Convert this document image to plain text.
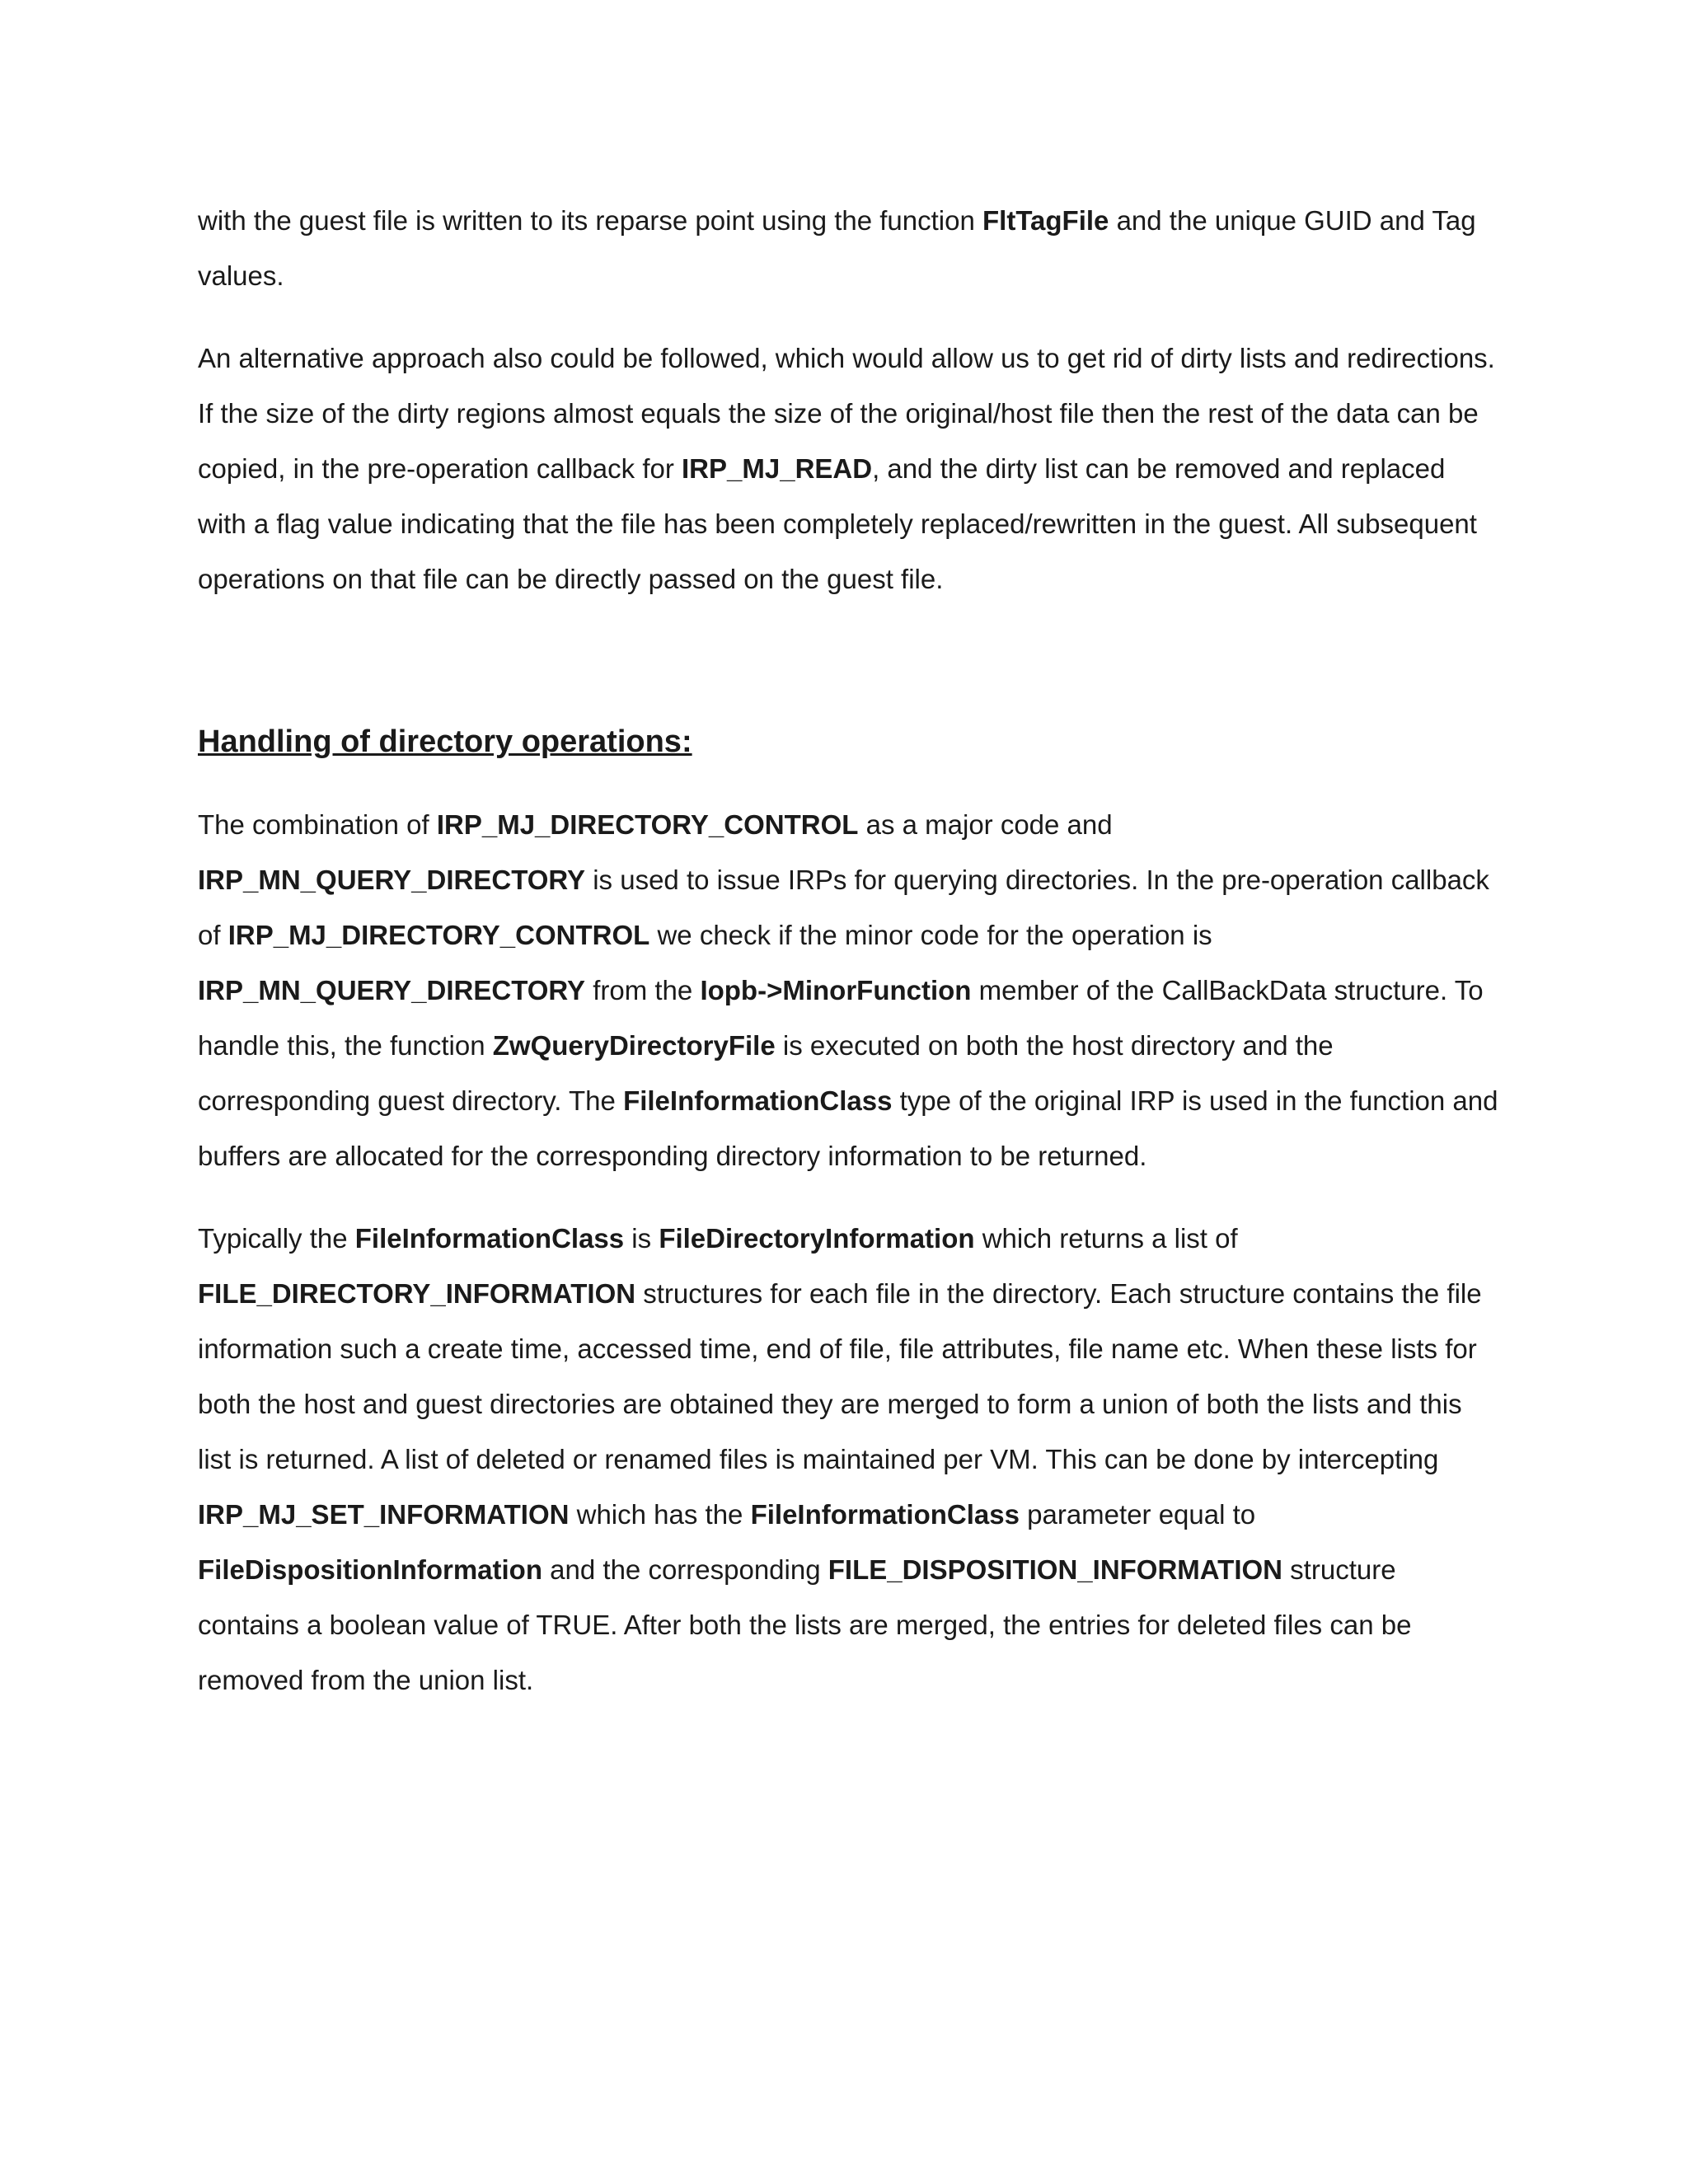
with the guest file is written to its reparse point using the function FltTagFile and the unique GUID and Tag values.

An alternative approach also could be followed, which would allow us to get rid of dirty lists and redirections. If the size of the dirty regions almost equals the size of the original/host file then the rest of the data can be copied, in the pre-operation callback for IRP_MJ_READ, and the dirty list can be removed and replaced with a flag value indicating that the file has been completely replaced/rewritten in the guest. All subsequent operations on that file can be directly passed on the guest file.

Handling of directory operations:

The combination of IRP_MJ_DIRECTORY_CONTROL as a major code and IRP_MN_QUERY_DIRECTORY is used to issue IRPs for querying directories. In the pre-operation callback of IRP_MJ_DIRECTORY_CONTROL we check if the minor code for the operation is IRP_MN_QUERY_DIRECTORY from the Iopb->MinorFunction member of the CallBackData structure. To handle this, the function ZwQueryDirectoryFile is executed on both the host directory and the corresponding guest directory. The FileInformationClass type of the original IRP is used in the function and buffers are allocated for the corresponding directory information to be returned.

Typically the FileInformationClass is FileDirectoryInformation which returns a list of FILE_DIRECTORY_INFORMATION structures for each file in the directory. Each structure contains the file information such a create time, accessed time, end of file, file attributes, file name etc. When these lists for both the host and guest directories are obtained they are merged to form a union of both the lists and this list is returned. A list of deleted or renamed files is maintained per VM. This can be done by intercepting IRP_MJ_SET_INFORMATION which has the FileInformationClass parameter equal to FileDispositionInformation and the corresponding FILE_DISPOSITION_INFORMATION structure contains a boolean value of TRUE. After both the lists are merged, the entries for deleted files can be removed from the union list.
